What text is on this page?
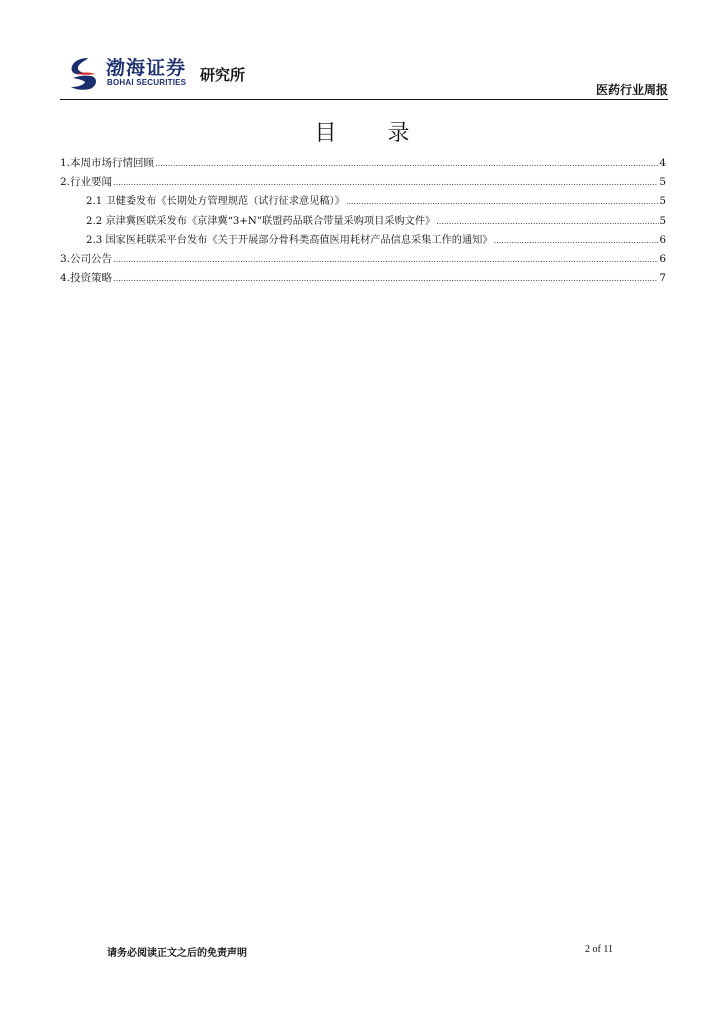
渤海证券
BOHAI SECURITIES 研究所
医药行业周报
目 录
1.本周市场行情回顾 .....	4
2.行业要闻 .....	5
2.1 卫健委发布《长期处方管理规范（试行征求意见稿）》 .....	5
2.2 京津冀医联采发布《京津冀“3+N”联盟药品联合带量采购项目采购文件》 .....	5
2.3 国家医耗联采平台发布《关于开展部分骨科类高值医用耗材产品信息采集工作的通知》 .....	6
3.公司公告 .....	6
4.投资策略 .....	7
请务必阅读正文之后的免责声明	2 of 11
